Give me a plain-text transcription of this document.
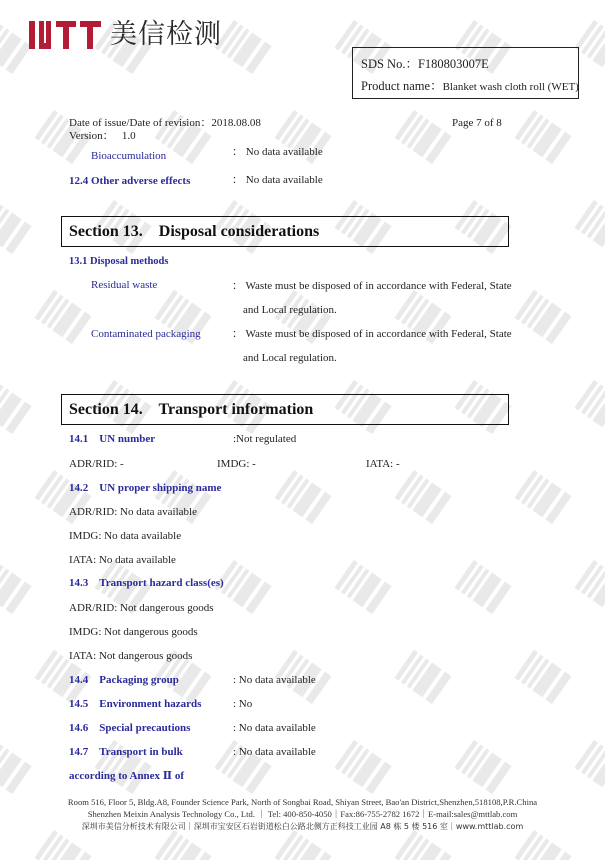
美信检测
SDS No.：F180803007E
Product name：Blanket wash cloth roll (WET)
Date of issue/Date of revision：2018.08.08
Version： 1.0
Page 7 of 8
Bioaccumulation	： No data available
12.4 Other adverse effects	： No data available
Section 13.    Disposal considerations
13.1 Disposal methods
Residual waste	： Waste must be disposed of in accordance with Federal, State
and Local regulation.
Contaminated packaging	： Waste must be disposed of in accordance with Federal, State
and Local regulation.
Section 14.    Transport information
14.1 UN number	:Not regulated
ADR/RID: -	IMDG: -	IATA: -
14.2 UN proper shipping name
ADR/RID: No data available
IMDG: No data available
IATA: No data available
14.3 Transport hazard class(es)
ADR/RID: Not dangerous goods
IMDG: Not dangerous goods
IATA: Not dangerous goods
14.4 Packaging group	: No data available
14.5 Environment hazards	: No
14.6 Special precautions	: No data available
14.7 Transport in bulk	: No data available
according to Annex Ⅱ of
Room 516, Floor 5, Bldg.A8, Founder Science Park, North of Songbai Road, Shiyan Street, Bao'an District,Shenzhen,518108,P.R.China
Shenzhen Meixin Analysis Technology Co., Ltd. ｜ Tel: 400-850-4050｜Fax:86-755-2782 1672｜E-mail:sales@mttlab.com
深圳市美信分析技术有限公司｜深圳市宝安区石岩街道松白公路北侧方正科技工业园 A8 栋 5 楼 516 室｜www.mttlab.com
